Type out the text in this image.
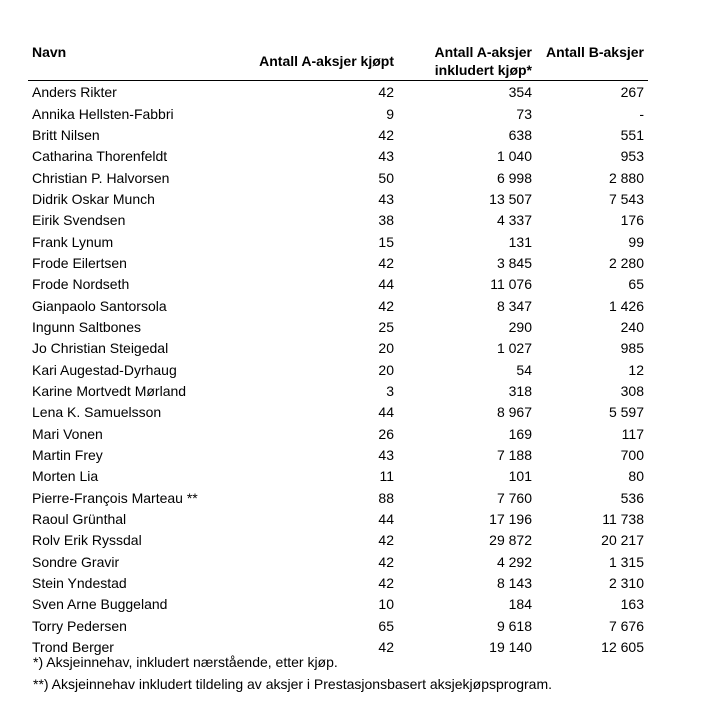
Navn	Antall A-aksjer kjøpt	Antall A-aksjer inkludert kjøp*	Antall B-aksjer
Anders Rikter	42	354	267
Annika Hellsten-Fabbri	9	73	-
Britt Nilsen	42	638	551
Catharina Thorenfeldt	43	1 040	953
Christian P. Halvorsen	50	6 998	2 880
Didrik Oskar Munch	43	13 507	7 543
Eirik Svendsen	38	4 337	176
Frank Lynum	15	131	99
Frode Eilertsen	42	3 845	2 280
Frode Nordseth	44	11 076	65
Gianpaolo Santorsola	42	8 347	1 426
Ingunn Saltbones	25	290	240
Jo Christian Steigedal	20	1 027	985
Kari Augestad-Dyrhaug	20	54	12
Karine Mortvedt Mørland	3	318	308
Lena K. Samuelsson	44	8 967	5 597
Mari Vonen	26	169	117
Martin Frey	43	7 188	700
Morten Lia	11	101	80
Pierre-François Marteau **	88	7 760	536
Raoul Grünthal	44	17 196	11 738
Rolv Erik Ryssdal	42	29 872	20 217
Sondre Gravir	42	4 292	1 315
Stein Yndestad	42	8 143	2 310
Sven Arne Buggeland	10	184	163
Torry Pedersen	65	9 618	7 676
Trond Berger	42	19 140	12 605
*) Aksjeinnehav, inkludert nærstående, etter kjøp.
**) Aksjeinnehav inkludert tildeling av aksjer i Prestasjonsbasert aksjekjøpsprogram.
